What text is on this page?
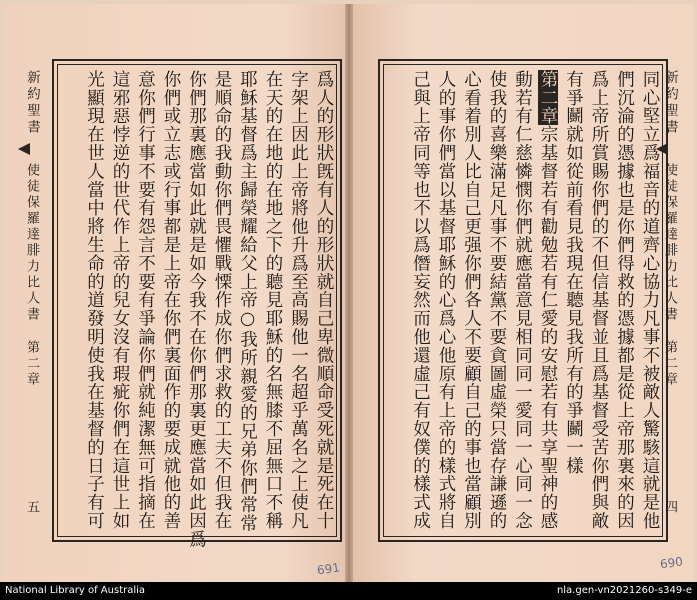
新約聖書
使徒保羅達腓力比人書
第二章
五
新約聖書
使徒保羅達腓力比人書
第二章
四
爲人的形狀旣有人的形狀就自己卑微順命受死就是死在十
字架上因此上帝將他升爲至高賜他一名超乎萬名之上使凡
在天的在地的在地之下的聽見耶穌的名無膝不屈無口不稱
耶穌基督爲主歸榮耀給父上帝○我所親愛的兄弟你們常常
是順命的我動你們畏懼戰慄作成你們求救的工夫不但我在
你們那裏應當如此就是如今我不在你們那裏更應當如此因爲
你們或立志或行事都是上帝在你們裏面作的要成就他的善
意你們行事不要有怨言不要有爭論你們就純潔無可指摘在
這邪惡悖逆的世代作上帝的兒女沒有瑕疵你們在這世上如
光顯現在世人當中將生命的道發明使我在基督的日子有可	同心堅立爲福音的道齊心協力凡事不被敵人驚駭這就是他
們沉淪的憑據也是你們得救的憑據都是從上帝那裏來的因
爲上帝所賞賜你們的不但信基督並且爲基督受苦你們與敵
有爭鬭就如從前看見我現在聽見我所有的爭鬭一樣
第二章宗基督若有勸勉若有仁愛的安慰若有共享聖神的感
動若有仁慈憐憫你們就應當意見相同同一愛同一心同一念
使我的喜樂滿足凡事不要結黨不要貪圖虛榮只當存謙遜的
心看着別人比自己更强你們各人不要顧自己的事也當顧別
人的事你們當以基督耶穌的心爲心他原有上帝的樣式將自
己與上帝同等也不以爲僭妄然而他還虛己有奴僕的樣式成
691	690
National Library of Australia	nla.gen-vn2021260-s349-e
